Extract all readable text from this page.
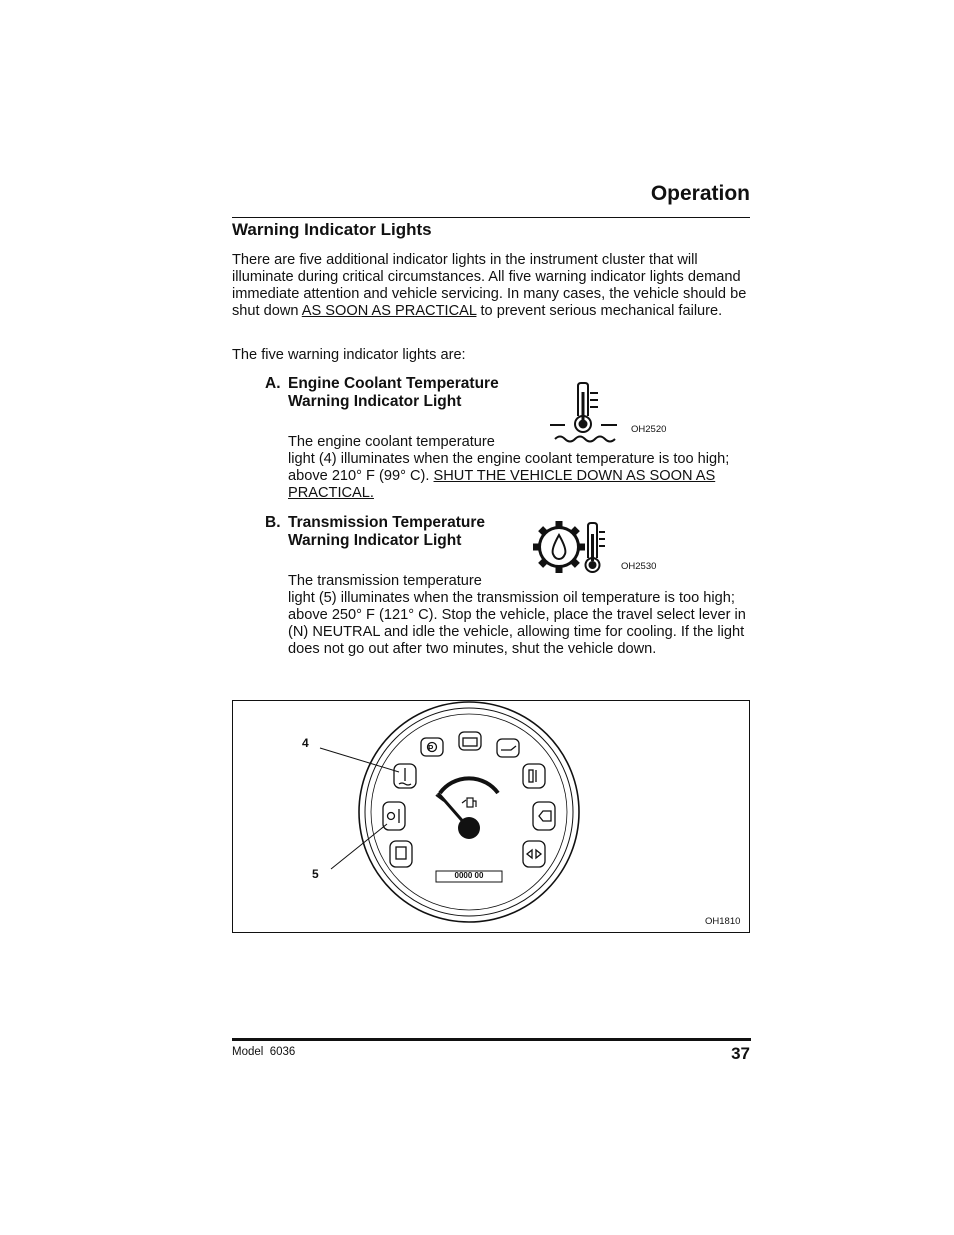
Operation
Warning Indicator Lights
There are five additional indicator lights in the instrument cluster that will illuminate during critical circumstances. All five warning indicator lights demand immediate attention and vehicle servicing. In many cases, the vehicle should be shut down AS SOON AS PRACTICAL to prevent serious mechanical failure.
The five warning indicator lights are:
A. Engine Coolant Temperature
Warning Indicator Light
OH2520
The engine coolant temperature
light (4) illuminates when the engine coolant temperature is too high; above 210° F (99° C). SHUT THE VEHICLE DOWN AS SOON AS PRACTICAL.
B. Transmission Temperature
Warning Indicator Light
OH2530
The transmission temperature
light (5) illuminates when the transmission oil temperature is too high; above 250° F (121° C). Stop the vehicle, place the travel select lever in (N) NEUTRAL and idle the vehicle, allowing time for cooling. If the light does not go out after two minutes, shut the vehicle down.
4
5
P
0000 00
OH1810
Model  6036	37
